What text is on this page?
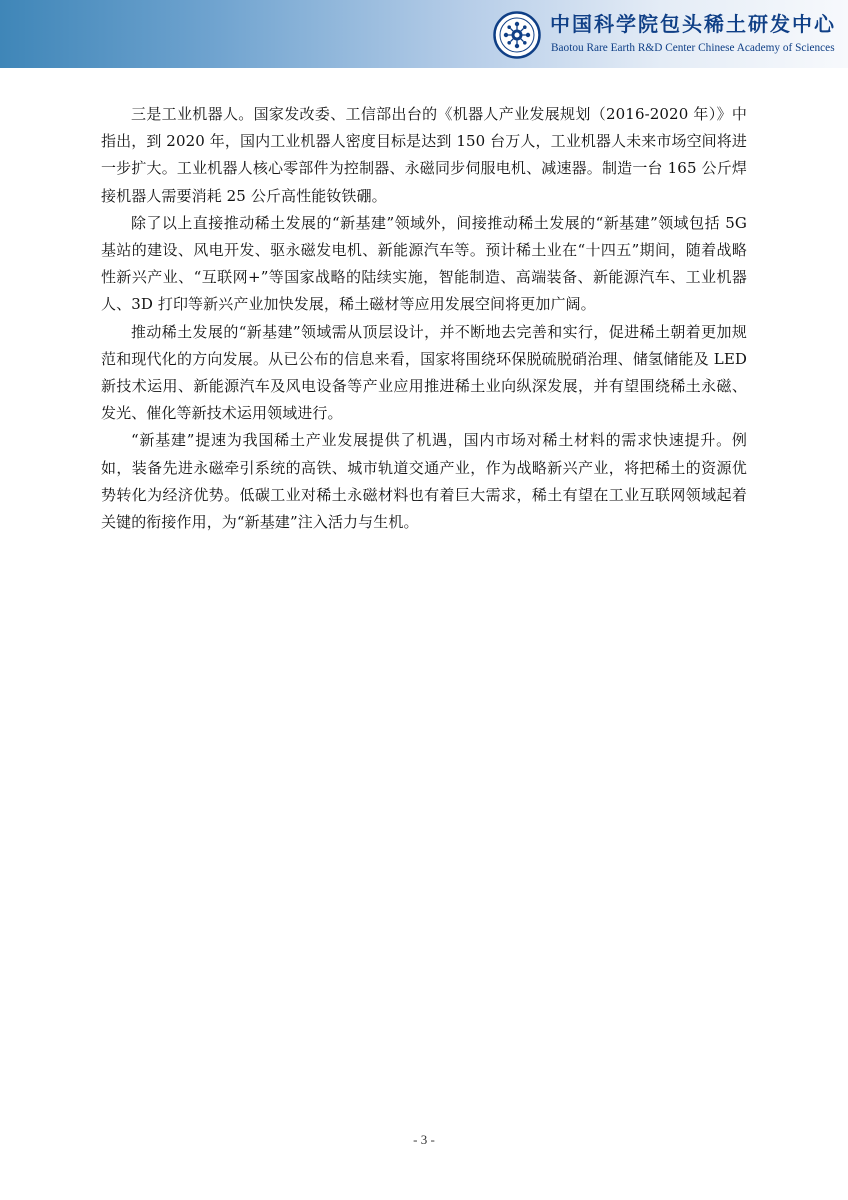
中国科学院包头稀土研发中心
Baotou Rare Earth R&D Center Chinese Academy of Sciences

三是工业机器人。国家发改委、工信部出台的《机器人产业发展规划（2016-2020 年）》中指出，到 2020 年，国内工业机器人密度目标是达到 150 台万人，工业机器人未来市场空间将进一步扩大。工业机器人核心零部件为控制器、永磁同步伺服电机、减速器。制造一台 165 公斤焊接机器人需要消耗 25 公斤高性能钕铁硼。

除了以上直接推动稀土发展的“新基建”领域外，间接推动稀土发展的“新基建”领域包括 5G 基站的建设、风电开发、驱永磁发电机、新能源汽车等。预计稀土业在“十四五”期间，随着战略性新兴产业、“互联网+”等国家战略的陆续实施，智能制造、高端装备、新能源汽车、工业机器人、3D 打印等新兴产业加快发展，稀土磁材等应用发展空间将更加广阔。

推动稀土发展的“新基建”领域需从顶层设计，并不断地去完善和实行，促进稀土朝着更加规范和现代化的方向发展。从已公布的信息来看，国家将围绕环保脱硫脱硝治理、储氢储能及 LED 新技术运用、新能源汽车及风电设备等产业应用推进稀土业向纵深发展，并有望围绕稀土永磁、发光、催化等新技术运用领域进行。

“新基建”提速为我国稀土产业发展提供了机遇，国内市场对稀土材料的需求快速提升。例如，装备先进永磁牵引系统的高铁、城市轨道交通产业，作为战略新兴产业，将把稀土的资源优势转化为经济优势。低碳工业对稀土永磁材料也有着巨大需求，稀土有望在工业互联网领域起着关键的衔接作用，为“新基建”注入活力与生机。

- 3 -
